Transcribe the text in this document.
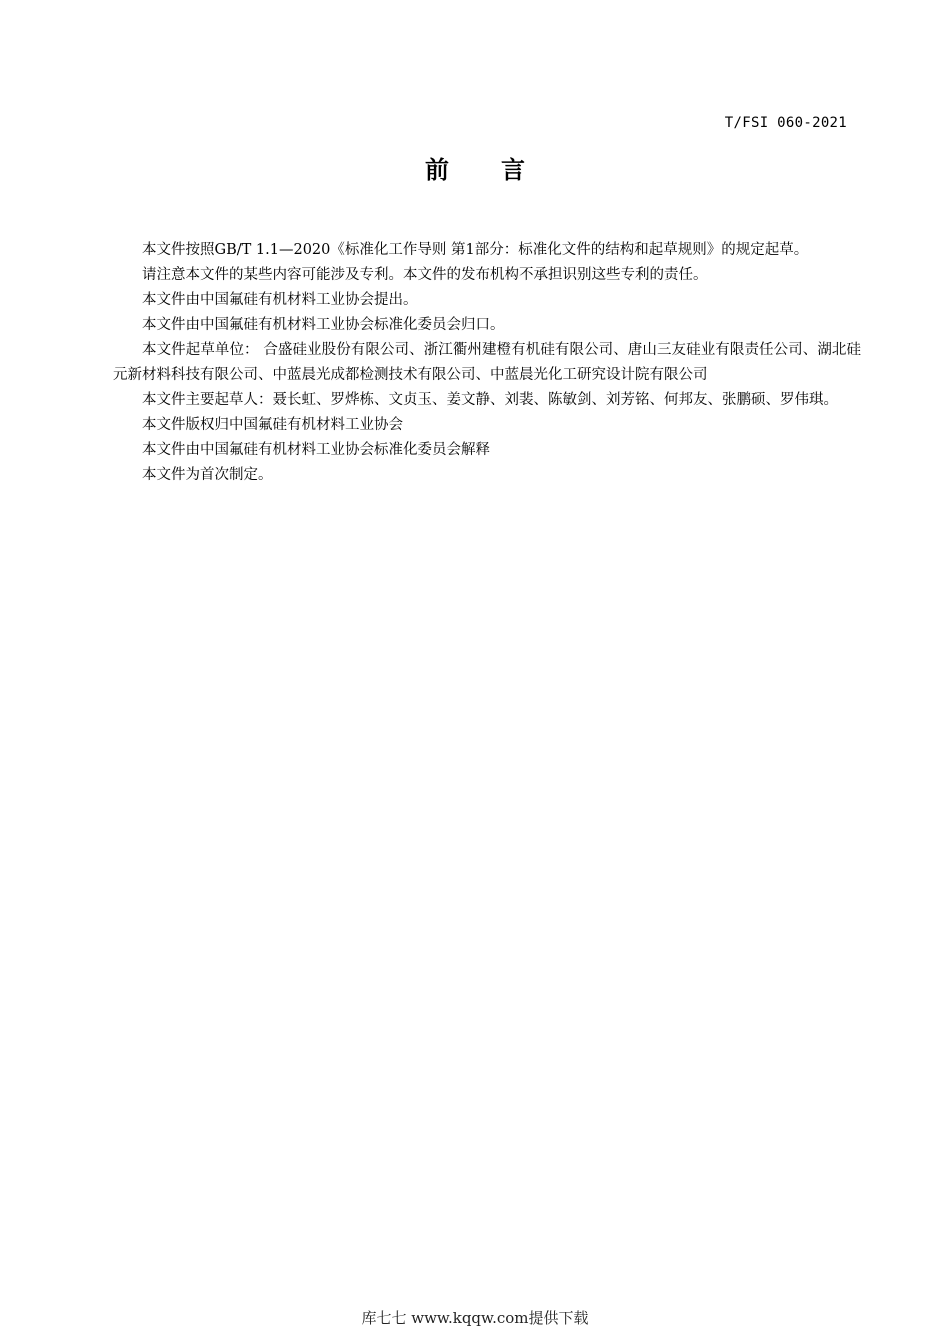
T/FSI 060-2021
前 言

本文件按照GB/T 1.1—2020《标准化工作导则 第1部分：标准化文件的结构和起草规则》的规定起草。

请注意本文件的某些内容可能涉及专利。本文件的发布机构不承担识别这些专利的责任。

本文件由中国氟硅有机材料工业协会提出。

本文件由中国氟硅有机材料工业协会标准化委员会归口。

本文件起草单位： 合盛硅业股份有限公司、浙江衢州建橙有机硅有限公司、唐山三友硅业有限责任公司、湖北硅元新材料科技有限公司、中蓝晨光成都检测技术有限公司、中蓝晨光化工研究设计院有限公司

本文件主要起草人：聂长虹、罗烨栋、文贞玉、姜文静、刘裴、陈敏剑、刘芳铭、何邦友、张鹏硕、罗伟琪。

本文件版权归中国氟硅有机材料工业协会

本文件由中国氟硅有机材料工业协会标准化委员会解释

本文件为首次制定。

库七七 www.kqqw.com提供下载
